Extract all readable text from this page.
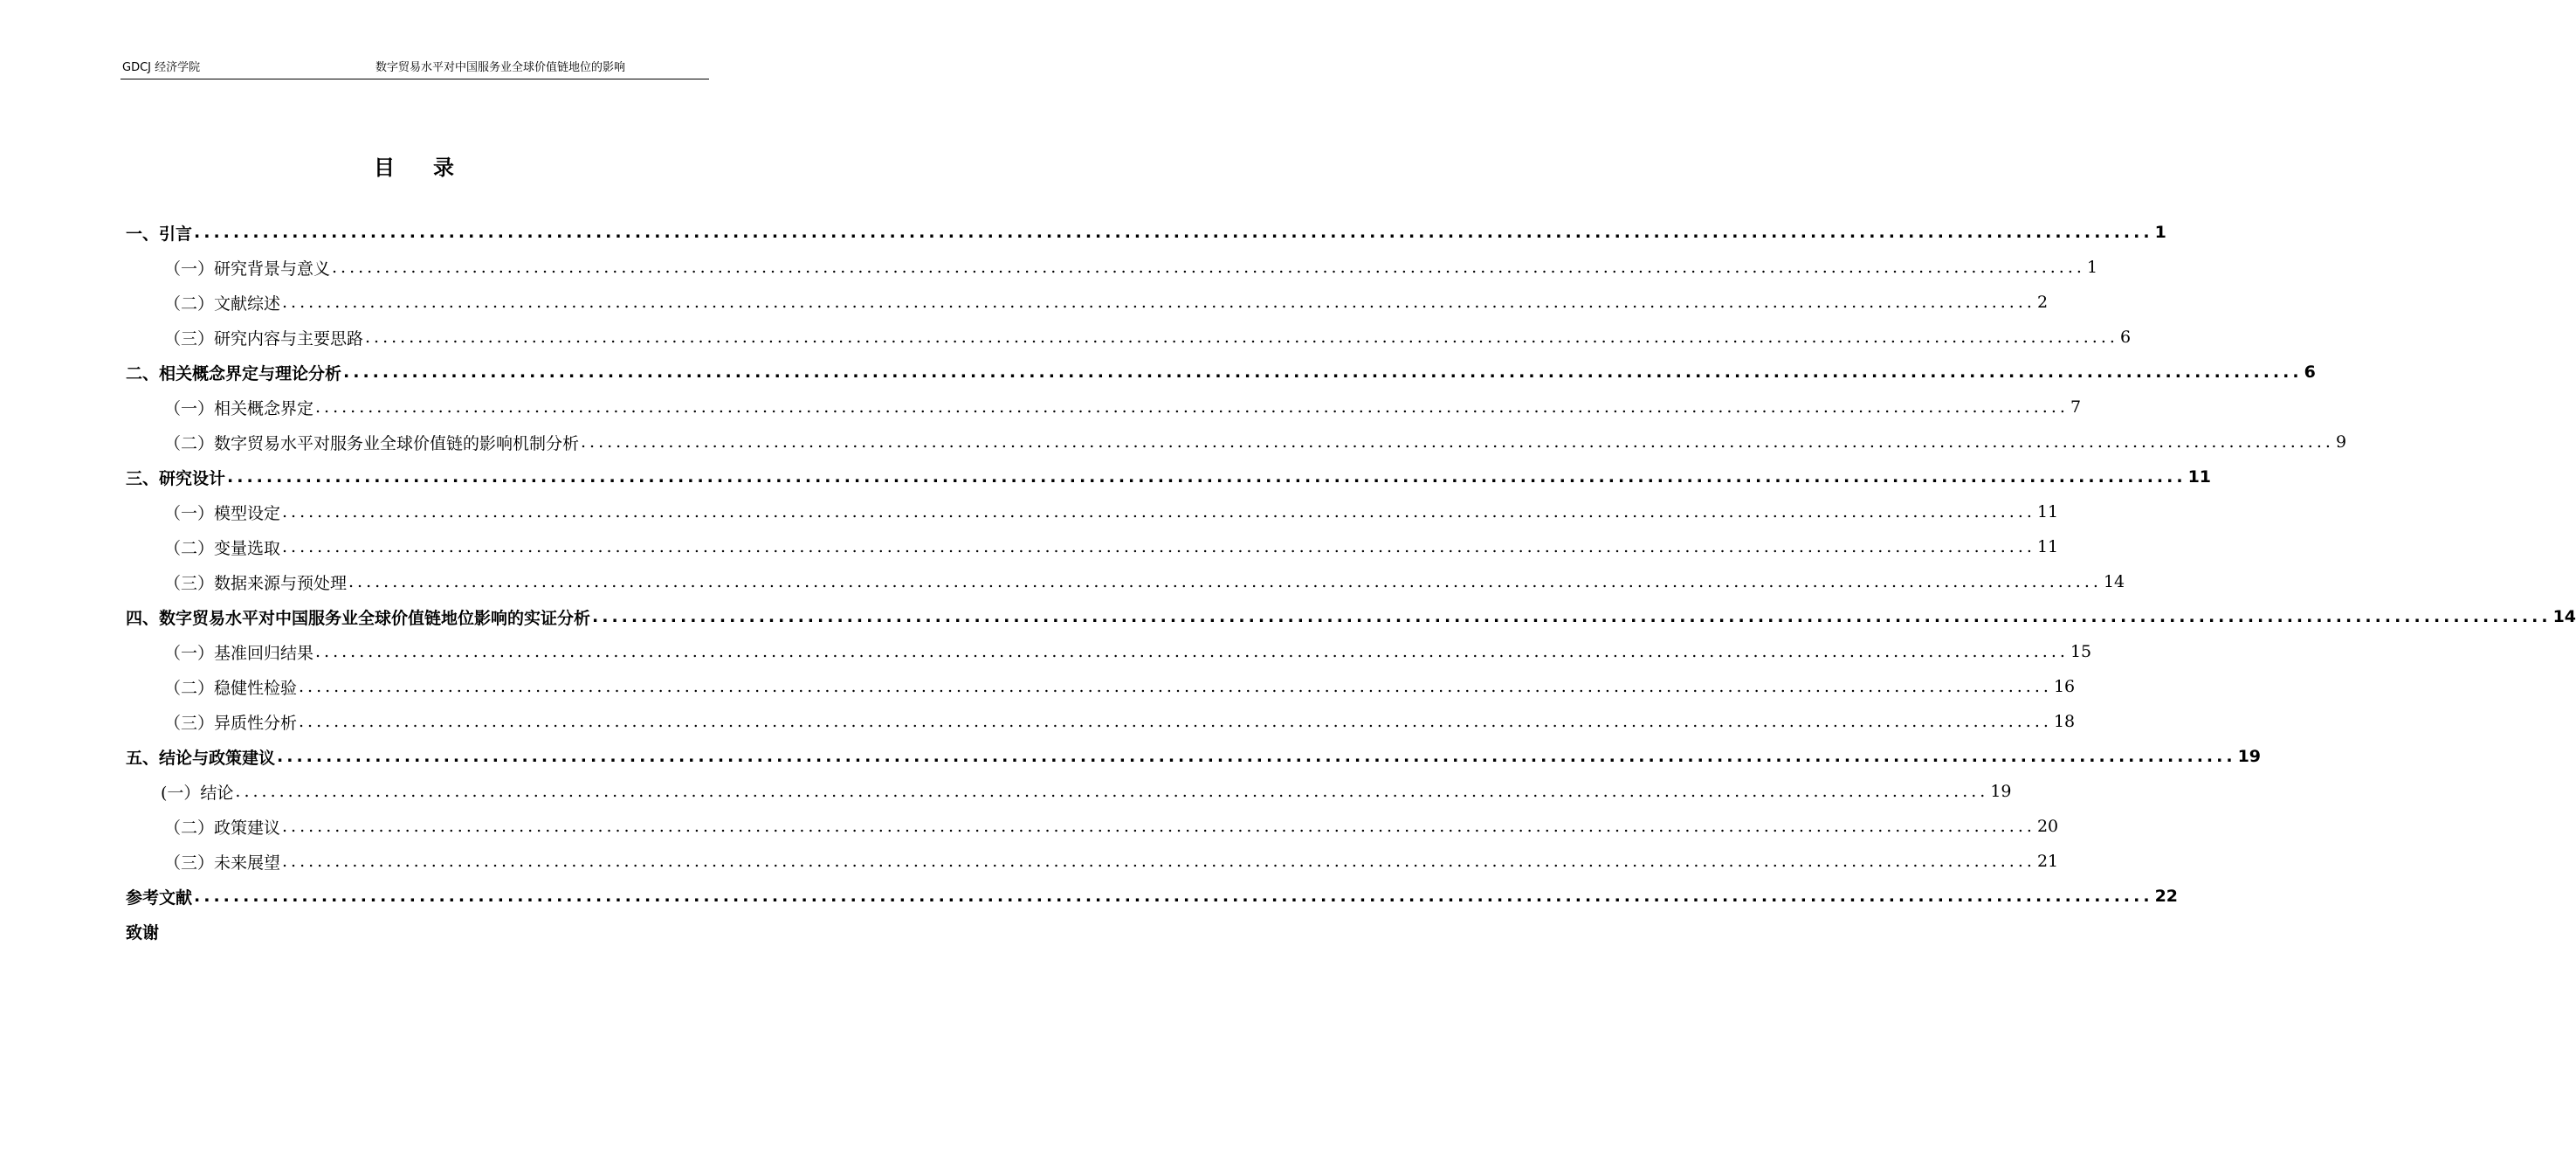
GDCJ 经济学院	数字贸易水平对中国服务业全球价值链地位的影响
目 录
一、引言 ........................................................................................................................................................................................................ 1
（一）研究背景与意义 ........................................................................................................................................................................................................ 1
（二）文献综述 ........................................................................................................................................................................................................ 2
（三）研究内容与主要思路 ........................................................................................................................................................................................................ 6
二、相关概念界定与理论分析 ........................................................................................................................................................................................................ 6
（一）相关概念界定 ........................................................................................................................................................................................................ 7
（二）数字贸易水平对服务业全球价值链的影响机制分析 ........................................................................................................................................................................................................ 9
三、研究设计 ........................................................................................................................................................................................................ 11
（一）模型设定 ........................................................................................................................................................................................................ 11
（二）变量选取 ........................................................................................................................................................................................................ 11
（三）数据来源与预处理 ........................................................................................................................................................................................................ 14
四、数字贸易水平对中国服务业全球价值链地位影响的实证分析 ........................................................................................................................................................................................................ 14
（一）基准回归结果 ........................................................................................................................................................................................................ 15
（二）稳健性检验 ........................................................................................................................................................................................................ 16
（三）异质性分析 ........................................................................................................................................................................................................ 18
五、结论与政策建议 ........................................................................................................................................................................................................ 19
(一）结论 ........................................................................................................................................................................................................ 19
（二）政策建议 ........................................................................................................................................................................................................ 20
（三）未来展望 ........................................................................................................................................................................................................ 21
参考文献 ........................................................................................................................................................................................................ 22
致谢
